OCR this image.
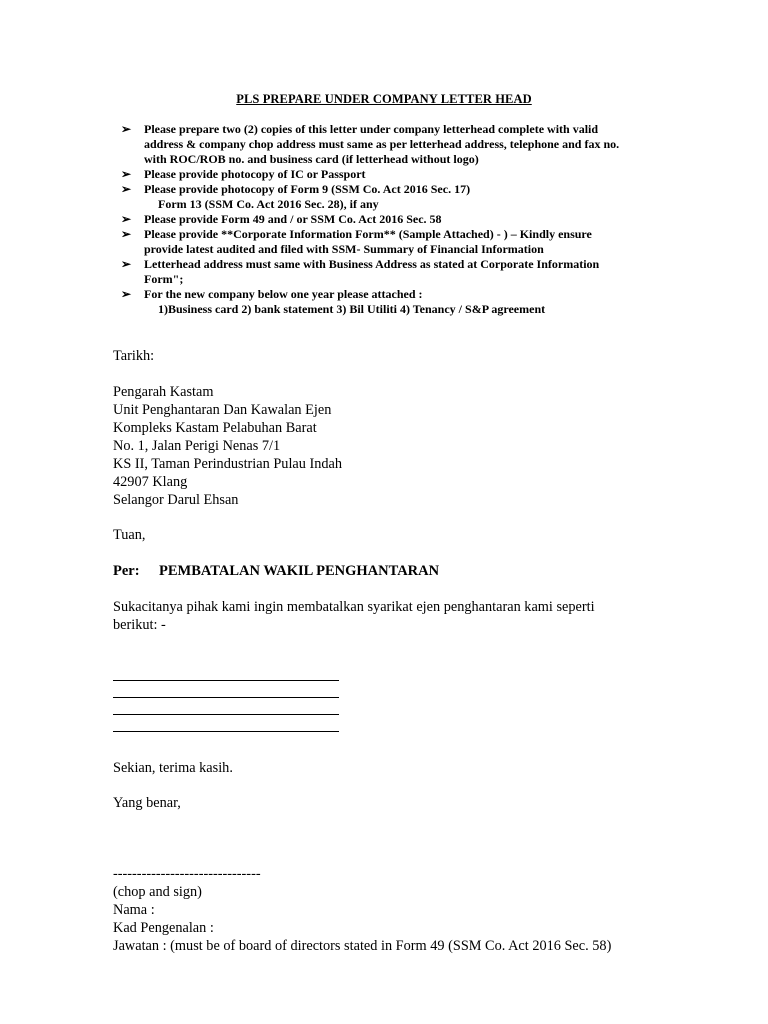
PLS PREPARE UNDER COMPANY LETTER HEAD
➢	Please prepare two (2) copies of this letter under company letterhead complete with valid
address & company chop address must same as per letterhead address, telephone and fax no.
with ROC/ROB no. and business card (if letterhead without logo)
➢	Please provide photocopy of IC or Passport
➢	Please provide photocopy of Form 9 (SSM Co. Act 2016 Sec. 17)
Form 13 (SSM Co. Act 2016 Sec. 28), if any
➢	Please provide Form 49 and / or SSM Co. Act 2016 Sec. 58
➢	Please provide **Corporate Information Form** (Sample Attached) - ) – Kindly ensure
provide latest audited and filed with SSM- Summary of Financial Information
➢	Letterhead address must same with Business Address as stated at Corporate Information
Form";
➢	For the new company below one year please attached :
1)Business card 2) bank statement 3) Bil Utiliti 4) Tenancy / S&P agreement
Tarikh:
Pengarah Kastam
Unit Penghantaran Dan Kawalan Ejen
Kompleks Kastam Pelabuhan Barat
No. 1, Jalan Perigi Nenas 7/1
KS II, Taman Perindustrian Pulau Indah
42907 Klang
Selangor Darul Ehsan
Tuan,
Per: PEMBATALAN WAKIL PENGHANTARAN
Sukacitanya pihak kami ingin membatalkan syarikat ejen penghantaran kami seperti
berikut: -
Sekian, terima kasih.
Yang benar,
-------------------------------
(chop and sign)
Nama :
Kad Pengenalan :
Jawatan : (must be of board of directors stated in Form 49 (SSM Co. Act 2016 Sec. 58)
